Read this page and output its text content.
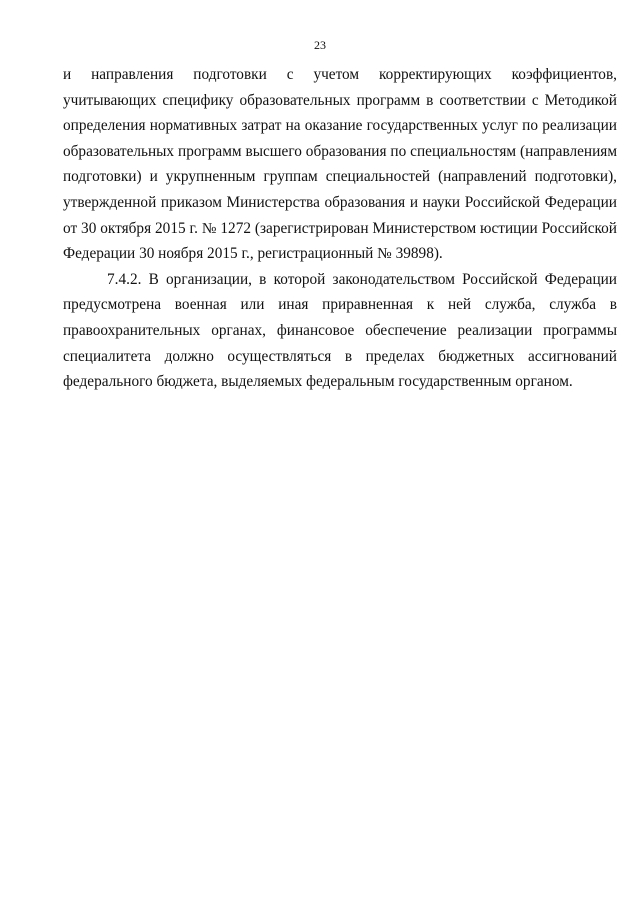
23
и направления подготовки с учетом корректирующих коэффициентов,
учитывающих специфику образовательных программ в соответствии с Методикой
определения нормативных затрат на оказание государственных услуг по реализации
образовательных программ высшего образования по специальностям (направлениям
подготовки) и укрупненным группам специальностей (направлений подготовки),
утвержденной приказом Министерства образования и науки Российской Федерации
от 30 октября 2015 г. № 1272 (зарегистрирован Министерством юстиции Российской
Федерации 30 ноября 2015 г., регистрационный № 39898).
7.4.2. В организации, в которой законодательством Российской Федерации
предусмотрена военная или иная приравненная к ней служба, служба в
правоохранительных органах, финансовое обеспечение реализации программы
специалитета должно осуществляться в пределах бюджетных ассигнований
федерального бюджета, выделяемых федеральным государственным органом.
